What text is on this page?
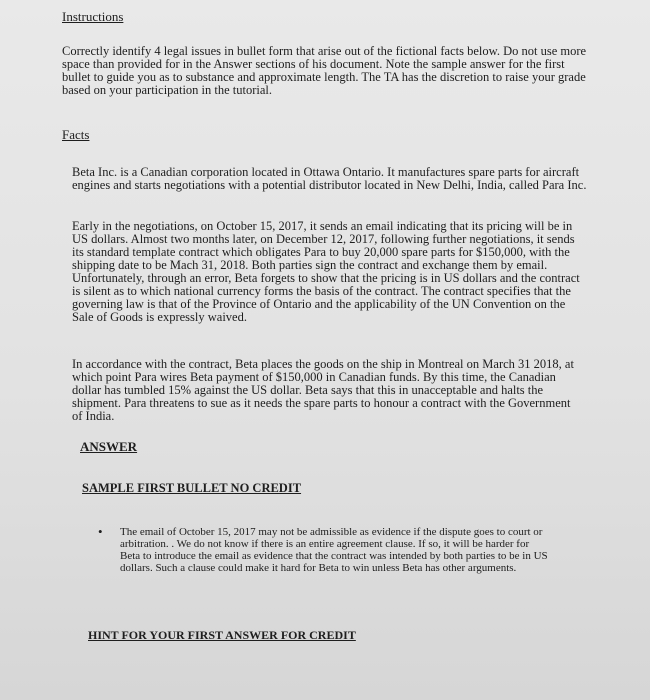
Instructions
Correctly identify 4 legal issues in bullet form that arise out of the fictional facts below. Do not use more space than provided for in the Answer sections of his document. Note the sample answer for the first bullet to guide you as to substance and approximate length. The TA has the discretion to raise your grade based on your participation in the tutorial.
Facts
Beta Inc. is a Canadian corporation located in Ottawa Ontario. It manufactures spare parts for aircraft engines and starts negotiations with a potential distributor located in New Delhi, India, called Para Inc.
Early in the negotiations, on October 15, 2017, it sends an email indicating that its pricing will be in US dollars. Almost two months later, on December 12, 2017, following further negotiations, it sends its standard template contract which obligates Para to buy 20,000 spare parts for $150,000, with the shipping date to be Mach 31, 2018. Both parties sign the contract and exchange them by email. Unfortunately, through an error, Beta forgets to show that the pricing is in US dollars and the contract is silent as to which national currency forms the basis of the contract. The contract specifies that the governing law is that of the Province of Ontario and the applicability of the UN Convention on the Sale of Goods is expressly waived.
In accordance with the contract, Beta places the goods on the ship in Montreal on March 31 2018, at which point Para wires Beta payment of $150,000 in Canadian funds. By this time, the Canadian dollar has tumbled 15% against the US dollar. Beta says that this in unacceptable and halts the shipment. Para threatens to sue as it needs the spare parts to honour a contract with the Government of India.
ANSWER
SAMPLE FIRST BULLET NO CREDIT
• The email of October 15, 2017 may not be admissible as evidence if the dispute goes to court or arbitration. . We do not know if there is an entire agreement clause. If so, it will be harder for Beta to introduce the email as evidence that the contract was intended by both parties to be in US dollars. Such a clause could make it hard for Beta to win unless Beta has other arguments.
HINT FOR YOUR FIRST ANSWER FOR CREDIT
